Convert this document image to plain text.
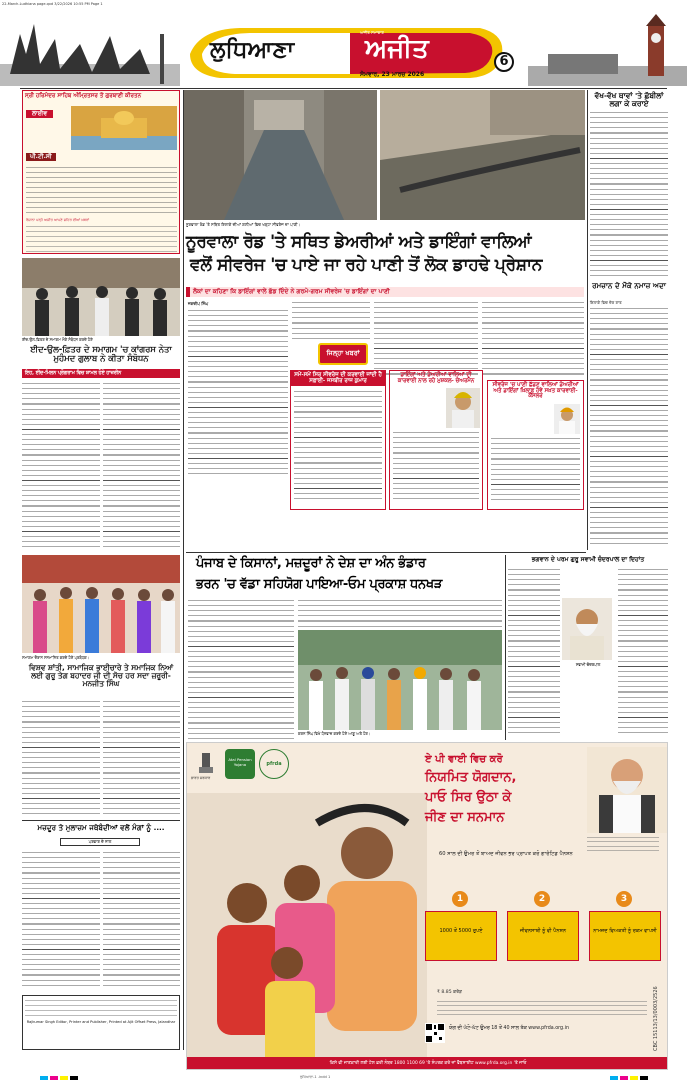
22-March-Ludhiana page.qxd 3/22/2026 10:55 PM Page 1
ਲੁਧਿਆਣਾ	ਅਜੀਤ
ਅਜੀਤ ਸਮਾਚਾਰ
6
ਸੋਮਵਾਰ, 23 ਮਾਰਚ 2026
ਸ੍ਰੀ ਹਰਿਮੰਦਰ ਸਾਹਿਬ ਅੰਮ੍ਰਿਤਸਰ ਤੋਂ ਗੁਰਬਾਣੀ ਕੀਰਤਨ
ਲਾਈਵ
ਪੀ.ਟੀ.ਸੀ
ਰੋਜ਼ਾਨਾ ਪੜ੍ਹੋ ਅਜੀਤ ਆਪਣੇ ਸ਼ਹਿਰ ਦੀਆਂ ਖ਼ਬਰਾਂ
ਨੂਰਵਾਲਾ ਰੋਡ 'ਤੇ ਸਥਿਤ ਇਲਾਕੇ ਦੀਆਂ ਗਲੀਆਂ ਵਿਚ ਖੜ੍ਹਾ ਸੀਵਰੇਜ ਦਾ ਪਾਣੀ।
ਵੱਖ-ਵੱਖ ਥਾਵਾਂ 'ਤੇ ਛੱਬੀਲਾਂ ਲਗਾ ਕੇ ਕਰਾਏ
ਰਮਜ਼ਾਨ ਦੇ ਮੌਕੇ ਨਮਾਜ਼ ਅਦਾ
ਇਲਾਕੇ ਵਿਚ ਦੇਰ ਰਾਤ
ਨੂਰਵਾਲਾ ਰੋਡ 'ਤੇ ਸਥਿਤ ਡੇਅਰੀਆਂ ਅਤੇ ਡਾਇੰਗਾਂ ਵਾਲਿਆਂ
ਵਲੋਂ ਸੀਵਰੇਜ 'ਚ ਪਾਏ ਜਾ ਰਹੇ ਪਾਣੀ ਤੋਂ ਲੋਕ ਡਾਹਢੇ ਪ੍ਰੇਸ਼ਾਨ
ਲੋਕਾਂ ਦਾ ਕਹਿਣਾ ਕਿ ਡਾਇੰਗਾਂ ਵਾਲੇ ਛੱਡ ਦਿੰਦੇ ਨੇ ਗਰਮੋ-ਗਰਮ ਸੀਵਰੇਜ 'ਚ ਡਾਇੰਗਾਂ ਦਾ ਪਾਣੀ
ਜਗਦੀਪ ਸਿੰਘ
ਜਿਲ੍ਹਾ ਖਬਰਾਂ
ਸਮੇਂ-ਸਮੇਂ ਸਿਰ ਸੀਵਰੇਜ ਦੀ ਕਰਵਾਈ ਜਾਂਦੀ ਹੈ ਸਫ਼ਾਈ- ਜਸਬੀਰ ਰਾਜ ਕੁਮਾਰ
ਡਾਇੰਗਾਂ ਅਤੇ ਡੇਅਰੀਆਂ ਵਾਲਿਆਂ ਦੀ ਕਾਰਵਾਈ ਨਾਲ ਰਹੇ ਮੁਸ਼ਕਲ- ਚੇਅਰਮੈਨ
ਸੀਵਰੇਜ 'ਚ ਪਾਣੀ ਛੱਡਣ ਵਾਲਿਆਂ ਡੇਅਰੀਆਂ ਅਤੇ ਡਾਇੰਗਾਂ ਖ਼ਿਲਾਫ਼ ਹੋਵੇ ਸਖ਼ਤ ਕਾਰਵਾਈ- ਕੌਂਸਲਰ
ਈਦ-ਉਲ-ਫ਼ਿਤਰ ਦੇ ਸਮਾਗਮ ਮੌਕੇ ਸੰਬੋਧਨ ਕਰਦੇ ਹੋਏ
ਈਦ-ਉਲ-ਫ਼ਿਤਰ ਦੇ ਸਮਾਗਮ 'ਚ ਕਾਂਗਰਸ ਨੇਤਾ ਮੁਹੰਮਦ ਗੁਲਾਬ ਨੇ ਕੀਤਾ ਸੰਬੋਧਨ
ਇਹ, ਈਦ-ਮਿਲਨ ਪ੍ਰੋਗਰਾਮ ਵਿਚ ਸ਼ਾਮਲ ਹੋਏ ਹਾਜ਼ਰੀਨ
ਸਮਾਗਮ ਦੌਰਾਨ ਸਨਮਾਨਿਤ ਕਰਦੇ ਹੋਏ ਪ੍ਰਬੰਧਕ।
ਵਿਸ਼ਵ ਸ਼ਾਂਤੀ, ਸਾਮਾਜਿਕ ਭਾਈਚਾਰੇ ਤੇ ਸਮਾਜਿਕ ਨਿਆਂ ਲਈ ਗੁਰੂ ਤੇਗ ਬਹਾਦਰ ਜੀ ਦੀ ਸੋਚ ਹਰ ਸਦਾ ਜ਼ਰੂਰੀ- ਮਨਜੀਤ ਸਿੰਘ
ਮਜ਼ਦੂਰ ਤੇ ਮੁਲਾਜ਼ਮ ਜਥੇਬੰਦੀਆਂ ਵਲੋਂ ਮੰਗਾਂ ਨੂੰ ....
ਪਰਵਾਰ ਦੇ ਨਾਲ
Rajkumar Singh Editor, Printer and Publisher, Printed at Ajit Offset Press, Jalandhar
ਪੰਜਾਬ ਦੇ ਕਿਸਾਨਾਂ, ਮਜ਼ਦੂਰਾਂ ਨੇ ਦੇਸ਼ ਦਾ ਅੰਨ ਭੰਡਾਰ
ਭਰਨ 'ਚ ਵੱਡਾ ਸਹਿਯੋਗ ਪਾਇਆ-ਓਮ ਪ੍ਰਕਾਸ਼ ਧਨਖੜ
ਕਰਨ ਸਿੰਘ ਵਿਖੇ ਧੰਨਵਾਦ ਕਰਦੇ ਹੋਏ ਆਗੂ ਅਤੇ ਹੋਰ।
ਭਗਵਾਨ ਦੇ ਪਰਮ ਗੁਰੂ ਸਵਾਮੀ ਚੰਦਰਪਾਲ ਦਾ ਦਿਹਾਂਤ
ਸਵਾਮੀ ਚੰਦਰਪਾਲ
ਭਾਰਤ ਸਰਕਾਰ
Atal Pension Yojana	pfrda	ਏ ਪੀ ਵਾਈ ਵਿਚ ਕਰੋ
ਨਿਯਮਿਤ ਯੋਗਦਾਨ,
ਪਾਓ ਸਿਰ ਉਠਾ ਕੇ
ਜੀਣ ਦਾ ਸਨਮਾਨ
60 ਸਾਲ ਦੀ ਉਮਰ ਤੋਂ ਬਾਅਦ ਜੀਵਨ ਭਰ ਪ੍ਰਾਪਤ ਕਰੋ ਗਾਰੰਟਿਡ ਪੈਨਸ਼ਨ
1
1000 ਤੋਂ 5000 ਰੁਪਏ
2
ਜੀਵਨਸਾਥੀ ਨੂੰ ਵੀ ਪੈਨਸ਼ਨ
3
ਨਾਮਜ਼ਦ ਵਿਅਕਤੀ ਨੂੰ ਰਕਮ ਵਾਪਸੀ
₹ 8.85 ਕਰੋੜ
ਯੋਗ ਦੀ ਘੱਟੋ-ਘੱਟ ਉਮਰ 18 ਤੋਂ 40 ਸਾਲ ਤੱਕ www.pfrda.org.in
ਕਿਸੇ ਵੀ ਜਾਣਕਾਰੀ ਲਈ ਟੋਲ ਫ਼ਰੀ ਨੰਬਰ 1800 1100 69 'ਤੇ ਸੰਪਰਕ ਕਰੋ ਜਾਂ ਵੈੱਬਸਾਈਟ www.pfrda.org.in 'ਤੇ ਜਾਓ
CBC 15113/13/0003/2526
ਲੁਧਿਆਣਾ-1 .indd 1
